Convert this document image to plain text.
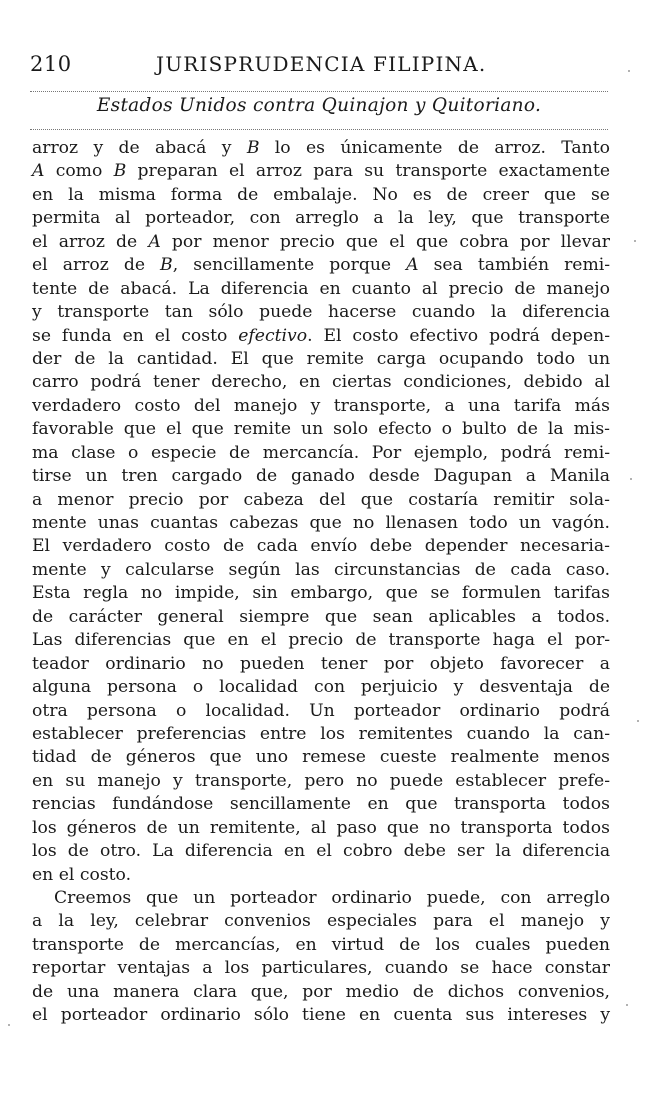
210	JURISPRUDENCIA FILIPINA.
Estados Unidos contra Quinajon y Quitoriano.
arroz y de abacá y B lo es únicamente de arroz. Tanto
A como B preparan el arroz para su transporte exactamente
en la misma forma de embalaje. No es de creer que se
permita al porteador, con arreglo a la ley, que transporte
el arroz de A por menor precio que el que cobra por llevar
el arroz de B, sencillamente porque A sea también remi-
tente de abacá. La diferencia en cuanto al precio de manejo
y transporte tan sólo puede hacerse cuando la diferencia
se funda en el costo efectivo. El costo efectivo podrá depen-
der de la cantidad. El que remite carga ocupando todo un
carro podrá tener derecho, en ciertas condiciones, debido al
verdadero costo del manejo y transporte, a una tarifa más
favorable que el que remite un solo efecto o bulto de la mis-
ma clase o especie de mercancía. Por ejemplo, podrá remi-
tirse un tren cargado de ganado desde Dagupan a Manila
a menor precio por cabeza del que costaría remitir sola-
mente unas cuantas cabezas que no llenasen todo un vagón.
El verdadero costo de cada envío debe depender necesaria-
mente y calcularse según las circunstancias de cada caso.
Esta regla no impide, sin embargo, que se formulen tarifas
de carácter general siempre que sean aplicables a todos.
Las diferencias que en el precio de transporte haga el por-
teador ordinario no pueden tener por objeto favorecer a
alguna persona o localidad con perjuicio y desventaja de
otra persona o localidad. Un porteador ordinario podrá
establecer preferencias entre los remitentes cuando la can-
tidad de géneros que uno remese cueste realmente menos
en su manejo y transporte, pero no puede establecer prefe-
rencias fundándose sencillamente en que transporta todos
los géneros de un remitente, al paso que no transporta todos
los de otro. La diferencia en el cobro debe ser la diferencia
en el costo.
Creemos que un porteador ordinario puede, con arreglo
a la ley, celebrar convenios especiales para el manejo y
transporte de mercancías, en virtud de los cuales pueden
reportar ventajas a los particulares, cuando se hace constar
de una manera clara que, por medio de dichos convenios,
el porteador ordinario sólo tiene en cuenta sus intereses y
